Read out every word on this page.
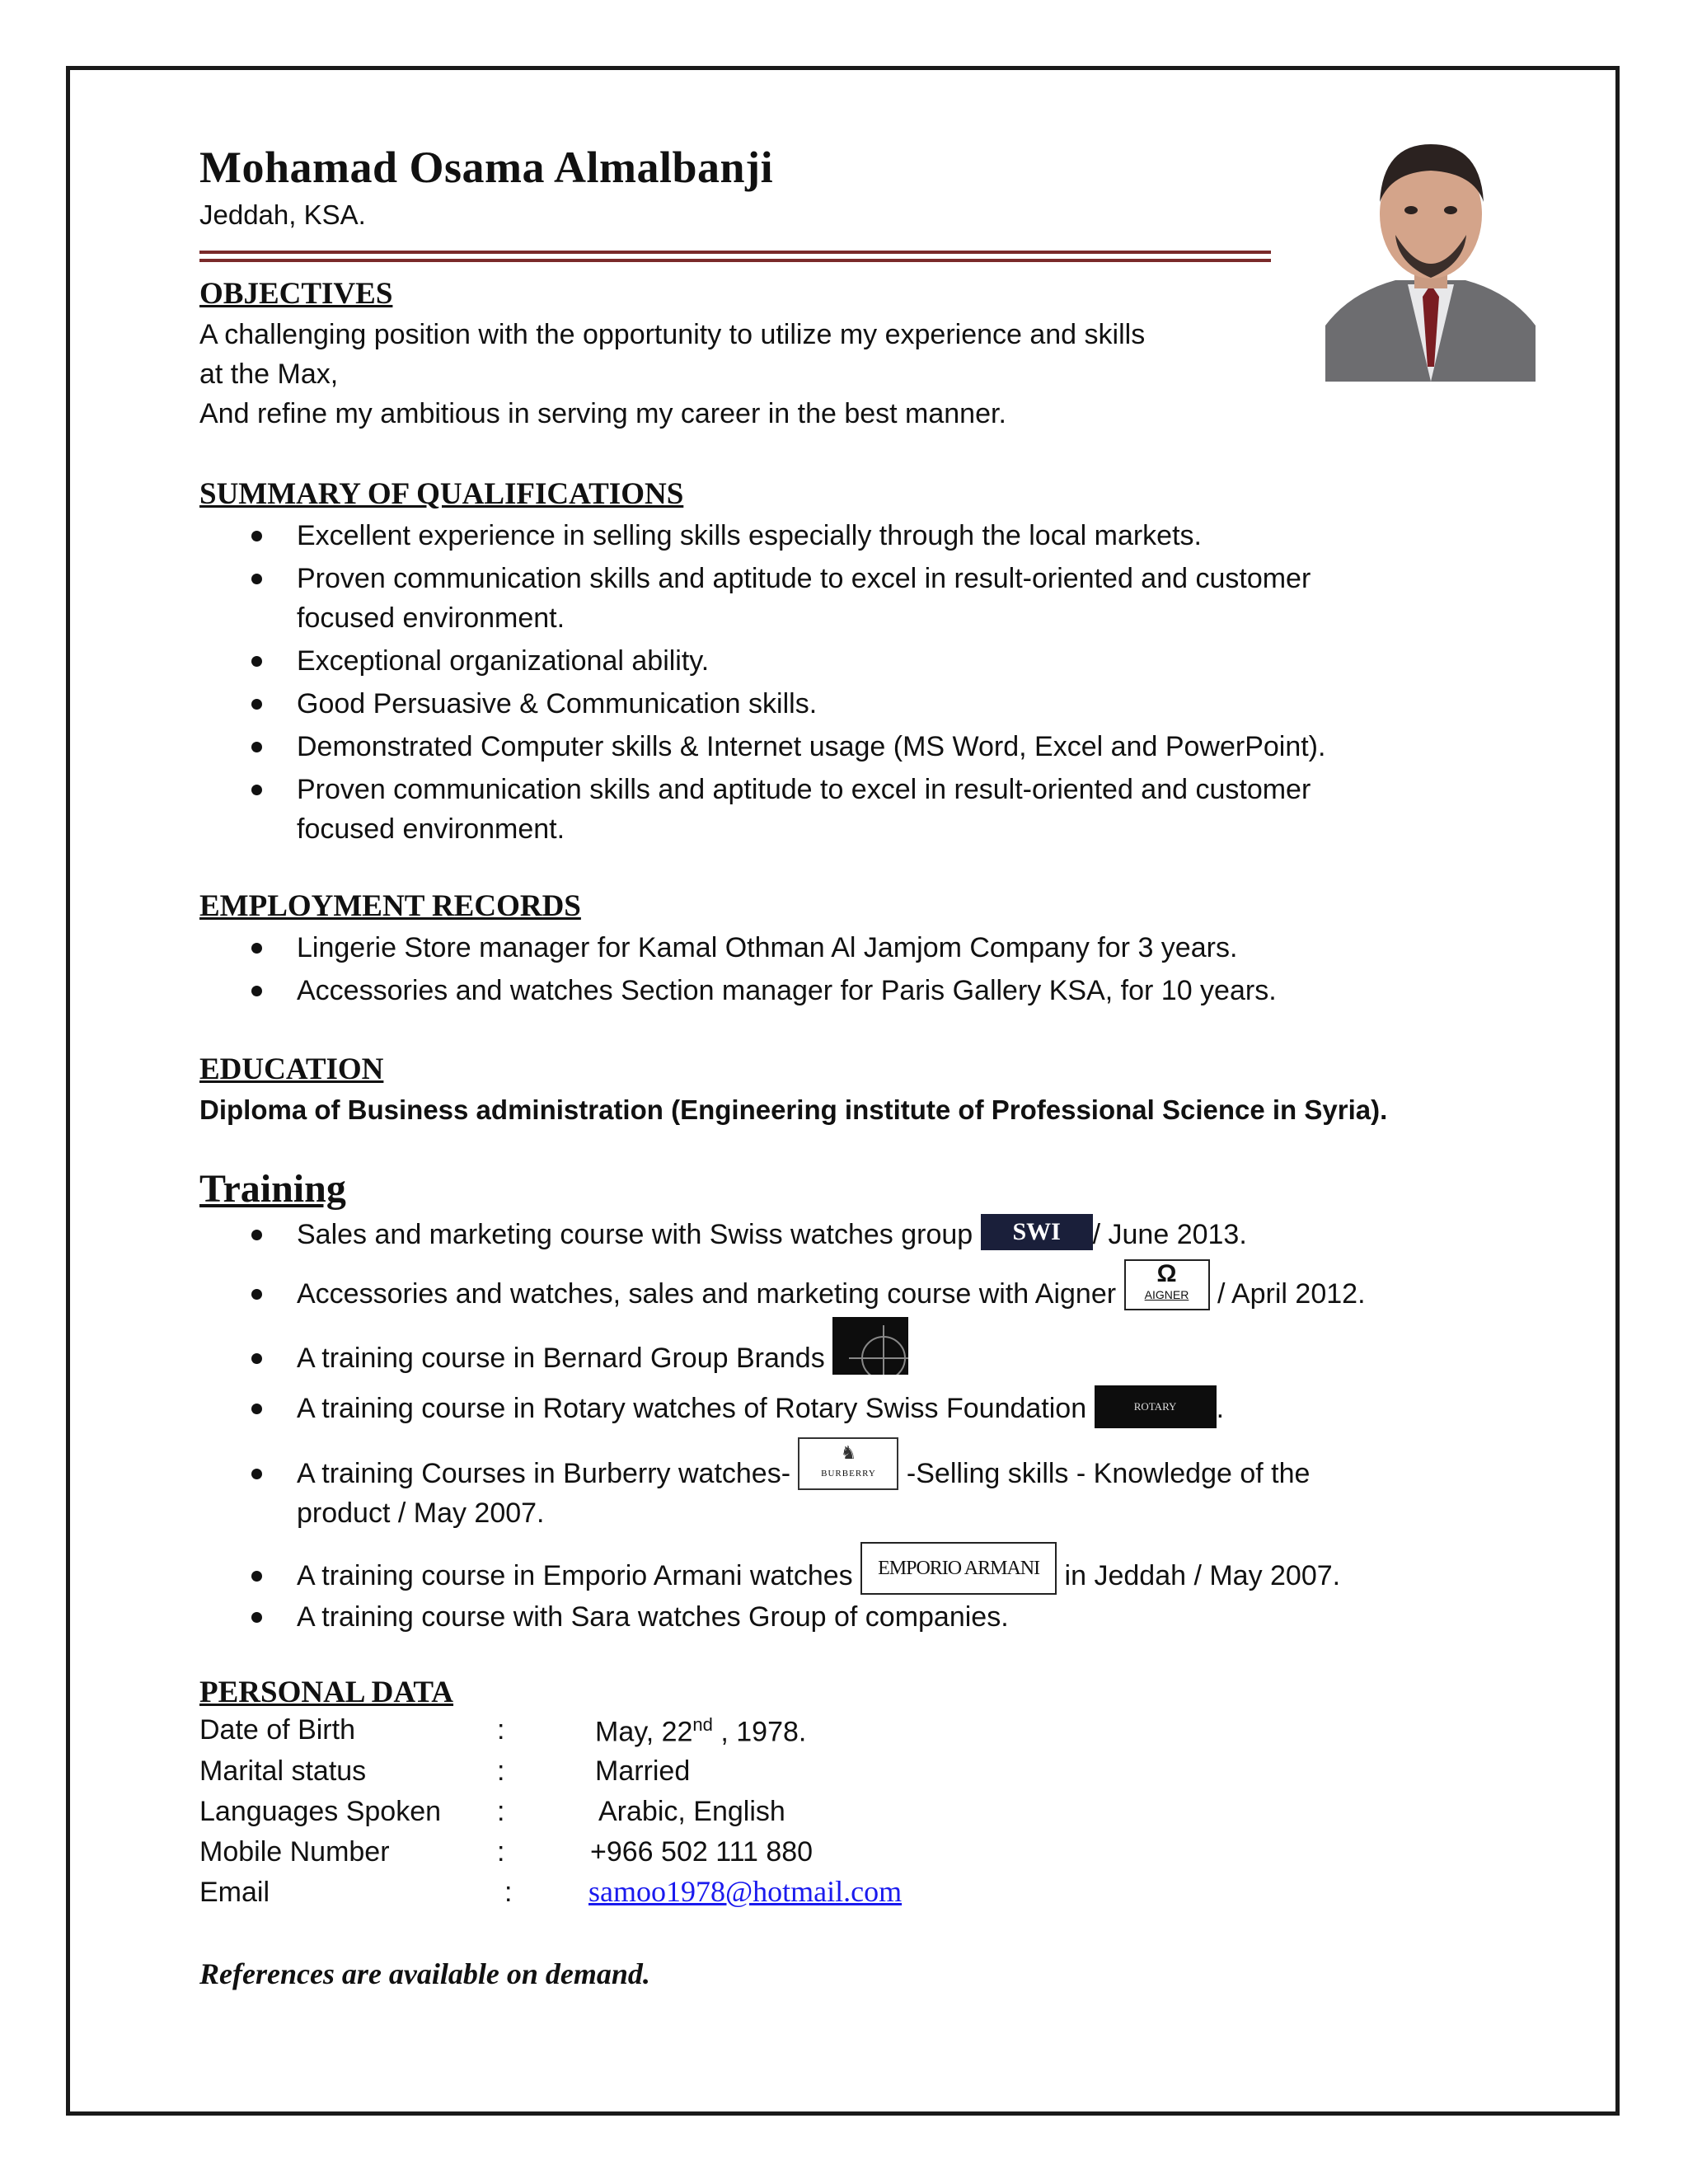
Mohamad Osama Almalbanji
Jeddah, KSA.
OBJECTIVES
A challenging position with the opportunity to utilize my experience and skills
at the Max,
And refine my ambitious in serving my career in the best manner.
SUMMARY OF QUALIFICATIONS
Excellent experience in selling skills especially through the local markets.
Proven communication skills and aptitude to excel in result-oriented and customer
focused environment.
Exceptional organizational ability.
Good Persuasive & Communication skills.
Demonstrated Computer skills & Internet usage (MS Word, Excel and PowerPoint).
Proven communication skills and aptitude to excel in result-oriented and customer
focused environment.
EMPLOYMENT RECORDS
Lingerie Store manager for Kamal Othman Al Jamjom Company for 3 years.
Accessories and watches Section manager for Paris Gallery KSA, for 10 years.
EDUCATION
Diploma of Business administration (Engineering institute of Professional Science in Syria).
Training
Sales and marketing course with Swiss watches group SWI / June 2013.
Accessories and watches, sales and marketing course with Aigner
Ω
AIGNER / April 2012.
A training course in Bernard Group Brands
A training course in Rotary watches of Rotary Swiss Foundation	ROTARY .
A training Courses in Burberry watches-
♞
BURBERRY -Selling skills - Knowledge of the
product / May 2007.
A training course in Emporio Armani watches EMPORIO ARMANI in Jeddah / May 2007.
A training course with Sara watches Group of companies.
PERSONAL DATA
Date of Birth	:	May, 22nd , 1978.
Marital status	:	Married
Languages Spoken :	Arabic, English
Mobile Number	:	+966 502 111 880
Email	:	samoo1978@hotmail.com
References are available on demand.
